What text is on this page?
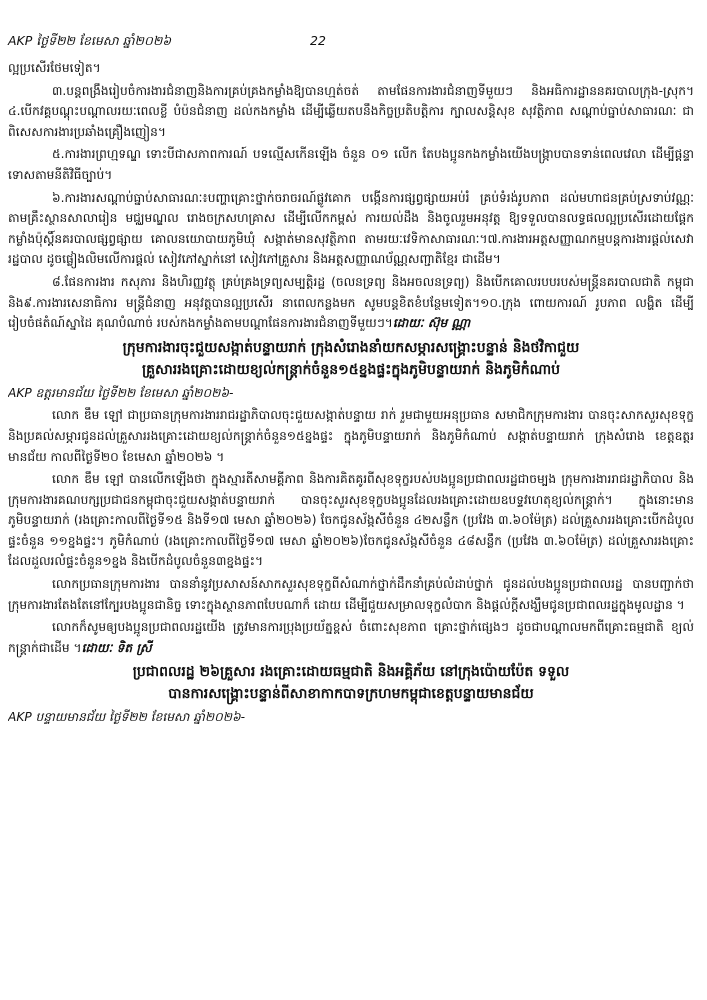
AKP ថ្ងៃទី២២ ខែមេសា ឆ្នាំ២០២៦	22

ល្អប្រសើរថែមទៀត។

៣.បន្តពង្រឹងរៀបចំការងារជំនាញនិងការគ្រប់គ្រងកម្លាំងឱ្យបានហ្មត់ចត់ តាមផែនការងារជំនាញទីមួយៗ និងអធិការដ្ឋាននគរបាលក្រុង-ស្រុក។៤.បើកវគ្គបណ្តុះបណ្តាលរយៈពេលខ្លី បំប៉នជំនាញ ដល់កងកម្លាំង ដើម្បីឆ្លើយតបនឹងកិច្ចប្រតិបត្តិការ ក្បាលសន្តិសុខ សុវត្ថិភាព សណ្តាប់ធ្នាប់សាធារណៈ ជាពិសេសការងារប្រឆាំងគ្រឿងញៀន។

៥.ការងារព្រហ្មទណ្ឌ ទោះបីជាសភាពការណ៍ បទល្មើសកើនឡើង ចំនួន ០១ លើក តែបងប្អូនកងកម្លាំងយើងបង្ក្រាបបានទាន់ពេលវេលា ដើម្បីផ្តន្ទាទោសតាមនីតិវិធីច្បាប់។

៦.ការងារសណ្តាប់ធ្នាប់សាធារណៈ៖បញ្ហាគ្រោះថ្នាក់ចរាចរណ៍ផ្លូវគោក បង្កើនការផ្សព្វផ្សាយអប់រំ គ្រប់ទំរង់រូបភាព ដល់មហាជនគ្រប់ស្រទាប់វណ្ណៈ តាមគ្រឹះស្ថានសាលារៀន មជ្ឈមណ្ឌល រោងចក្រសហគ្រាស ដើម្បីលើកកម្ពស់ ការយល់ដឹង និងចូលរួមអនុវត្ត ឱ្យទទួលបានលទ្ធផលល្អប្រសើរដោយផ្តែកកម្លាំងប៉ុស្តិ៍នគរបាលផ្សព្វផ្សាយ គោលនយោបាយភូមិឃុំ សង្កាត់មានសុវត្ថិភាព តាមរយៈវេទិកាសាធារណៈ។៧.ការងារអត្តសញ្ញាណកម្មបន្តការងារផ្តល់សេវារដ្ឋបាល ដូចផ្លៀងលិមលើការផ្តល់ សៀវភៅស្នាក់នៅ សៀវភៅគ្រួសារ និងអត្តសញ្ញាណប័ណ្ណសញ្ជាតិខ្មែរ ជាដើម។

៨.ផែនការងារ កសុភារ និងហិរញ្ញវត្ថុ គ្រប់គ្រងទ្រព្យសម្បត្តិរដ្ឋ (ចលនទ្រព្យ និងអចលនទ្រព្យ) និងបើកគោលរបបរបស់មន្ត្រីនគរបាលជាតិ កម្ពុជានិង៩.ការងារសេនាធិការ មន្ត្រីជំនាញ អនុវត្តបានល្អប្រសើរ នាពេលកន្លងមក សូមបន្តខិតខំបន្ថែមទៀត។១០.ក្រុង ពោយការណ៍ រូបភាព លង្ហិត ដើម្បីរៀបចំផតំណ៍ស្នាដៃ គុណបំណាច់ របស់កងកម្លាំងតាមបណ្តាផែនការងារជំនាញទីមួយៗ។ដោយៈ ស៊ុម ណ្ណា

ក្រុមការងារចុះជួយសង្កាត់បន្ទាយរាក់ ក្រុងសំរោងនាំយកសម្ភារសង្គ្រោះបន្ទាន់ និងថវិកាជួយ
គ្រួសាររងគ្រោះដោយខ្យល់កន្ត្រាក់ចំនួន១៥ខ្នងផ្ទះក្នុងភូមិបន្ទាយរាក់ និងភូមិកំណាប់

AKP ឧត្តរមានជ័យ ថ្ងៃទី២២ ខែមេសា ឆ្នាំ២០២៦-

លោក ឌឹម ឡៅ ជាប្រធានក្រុមការងាររាជរដ្ឋាភិបាលចុះជួយសង្កាត់បន្ទាយ រាក់ រួមជាមួយអនុប្រធាន សមាជិកក្រុមការងារ បានចុះសាកសួរសុខទុក្ខ និងប្រគល់សម្ភារជូនដល់គ្រួសាររងគ្រោះដោយខ្យល់កន្ត្រាក់ចំនួន១៥ខ្នងផ្ទះ ក្នុងភូមិបន្ទាយរាក់ និងភូមិកំណាប់ សង្កាត់បន្ទាយរាក់ ក្រុងសំរោង ខេត្តឧត្តរមានជ័យ កាលពីថ្ងៃទី២០ ខែមេសា ឆ្នាំ២០២៦ ។

លោក ឌឹម ឡៅ បានលើកឡើងថា ក្នុងស្មារតីសាមគ្គីភាព និងការគិតគូរពីសុខទុក្ខរបស់បងប្អូនប្រជាពលរដ្ឋជាចម្បង ក្រុមការងាររាជរដ្ឋាភិបាល និងក្រុមការងារគណបក្សប្រជាជនកម្ពុជាចុះជួយសង្កាត់បន្ទាយរាក់ បានចុះសួរសុខទុក្ខបងប្អូនដែលរងគ្រោះដោយឧបទ្ទវហេតុខ្យល់កន្ត្រាក់។ ក្នុងនោះមាន ភូមិបន្ទាយរាក់ (រងគ្រោះកាលពីថ្ងៃទី១៥ និងទី១៧ មេសា ឆ្នាំ២០២៦) ចែកជូនស័ង្កសីចំនួន ៤២សន្លឹក (ប្រវែង ៣.៦០ម៉ែត្រ) ដល់គ្រួសាររងគ្រោះបើកដំបូលផ្ទះចំនួន ១១ខ្នងផ្ទះ។ ភូមិកំណាប់ (រងគ្រោះកាលពីថ្ងៃទី១៧ មេសា ឆ្នាំ២០២៦)ចែកជូនស័ង្កសីចំនួន ៤៨សន្លឹក (ប្រវែង ៣.៦០ម៉ែត្រ) ដល់គ្រួសាររងគ្រោះដែលដួលរលំផ្ទះចំនួន១ខ្នង និងបើកដំបូលចំនួន៣ខ្នងផ្ទះ។

លោកប្រធានក្រុមការងារ បាននាំនូវប្រសាសន៍សាកសួរសុខទុក្ខពីសំណាក់ថ្នាក់ដឹកនាំគ្រប់លំដាប់ថ្នាក់ ជូនដល់បងប្អូនប្រជាពលរដ្ឋ បានបញ្ជាក់ថា ក្រុមការងារតែងតែនៅក្បែរបងប្អូនជានិច្ច ទោះក្នុងស្ថានភាពបែបណាក៏ ដោយ ដើម្បីជួយសម្រាលទុក្ខលំបាក និងផ្តល់ក្តីសង្ឃឹមជូនប្រជាពលរដ្ឋក្នុងមូលដ្ឋាន ។

លោកក៏សូមឲ្យបងប្អូនប្រជាពលរដ្ឋយើង ត្រូវមានការប្រុងប្រយ័ត្នខ្ពស់ ចំពោះសុខភាព គ្រោះថ្នាក់ផ្សេងៗ ដូចជាបណ្តាលមកពីគ្រោះធម្មជាតិ ខ្យល់កន្ត្រាក់ជាដើម ។ដោយៈ ទិត ស្រី

ប្រជាពលរដ្ឋ ២៦គ្រួសារ រងគ្រោះដោយធម្មជាតិ និងអគ្គិភ័យ នៅក្រុងប៉ោយប៉ែត ទទួល
បានការសង្គ្រោះបន្ទាន់ពីសាខាកាកបាទក្រហមកម្ពុជាខេត្តបន្ទាយមានជ័យ

AKP បន្ទាយមានជ័យ ថ្ងៃទី២២ ខែមេសា ឆ្នាំ២០២៦-
